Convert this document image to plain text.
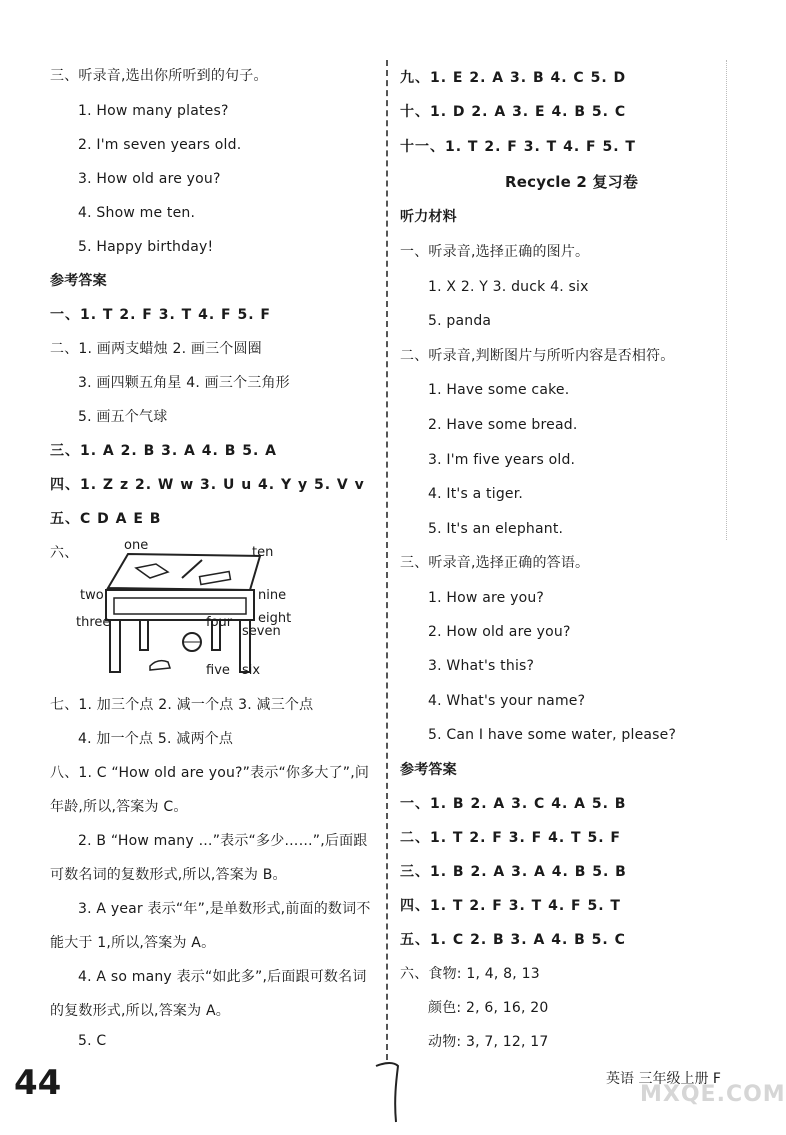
三、听录音,选出你所听到的句子。
1. How many plates?
2. I'm seven years old.
3. How old are you?
4. Show me ten.
5. Happy birthday!
参考答案
一、1. T 2. F 3. T 4. F 5. F
二、1. 画两支蜡烛 2. 画三个圆圈
3. 画四颗五角星 4. 画三个三角形
5. 画五个气球
三、1. A 2. B 3. A 4. B 5. A
四、1. Z z 2. W w 3. U u 4. Y y 5. V v
五、C D A E B
六、	one	ten
two	nine
three	eight
four
seven
five six
七、1. 加三个点 2. 减一个点 3. 减三个点
4. 加一个点 5. 减两个点
八、1. C “How old are you?”表示“你多大了”,问
年龄,所以,答案为 C。
2. B “How many …”表示“多少……”,后面跟
可数名词的复数形式,所以,答案为 B。
3. A year 表示“年”,是单数形式,前面的数词不
能大于 1,所以,答案为 A。
4. A so many 表示“如此多”,后面跟可数名词
的复数形式,所以,答案为 A。
5. C
九、1. E 2. A 3. B 4. C 5. D
十、1. D 2. A 3. E 4. B 5. C
十一、1. T 2. F 3. T 4. F 5. T
Recycle 2 复习卷
听力材料
一、听录音,选择正确的图片。
1. X 2. Y 3. duck 4. six
5. panda
二、听录音,判断图片与所听内容是否相符。
1. Have some cake.
2. Have some bread.
3. I'm five years old.
4. It's a tiger.
5. It's an elephant.
三、听录音,选择正确的答语。
1. How are you?
2. How old are you?
3. What's this?
4. What's your name?
5. Can I have some water, please?
参考答案
一、1. B 2. A 3. C 4. A 5. B
二、1. T 2. F 3. F 4. T 5. F
三、1. B 2. A 3. A 4. B 5. B
四、1. T 2. F 3. T 4. F 5. T
五、1. C 2. B 3. A 4. B 5. C
六、食物: 1, 4, 8, 13
颜色: 2, 6, 16, 20
动物: 3, 7, 12, 17
44	英语 三年级上册 F
MXQE.COM
